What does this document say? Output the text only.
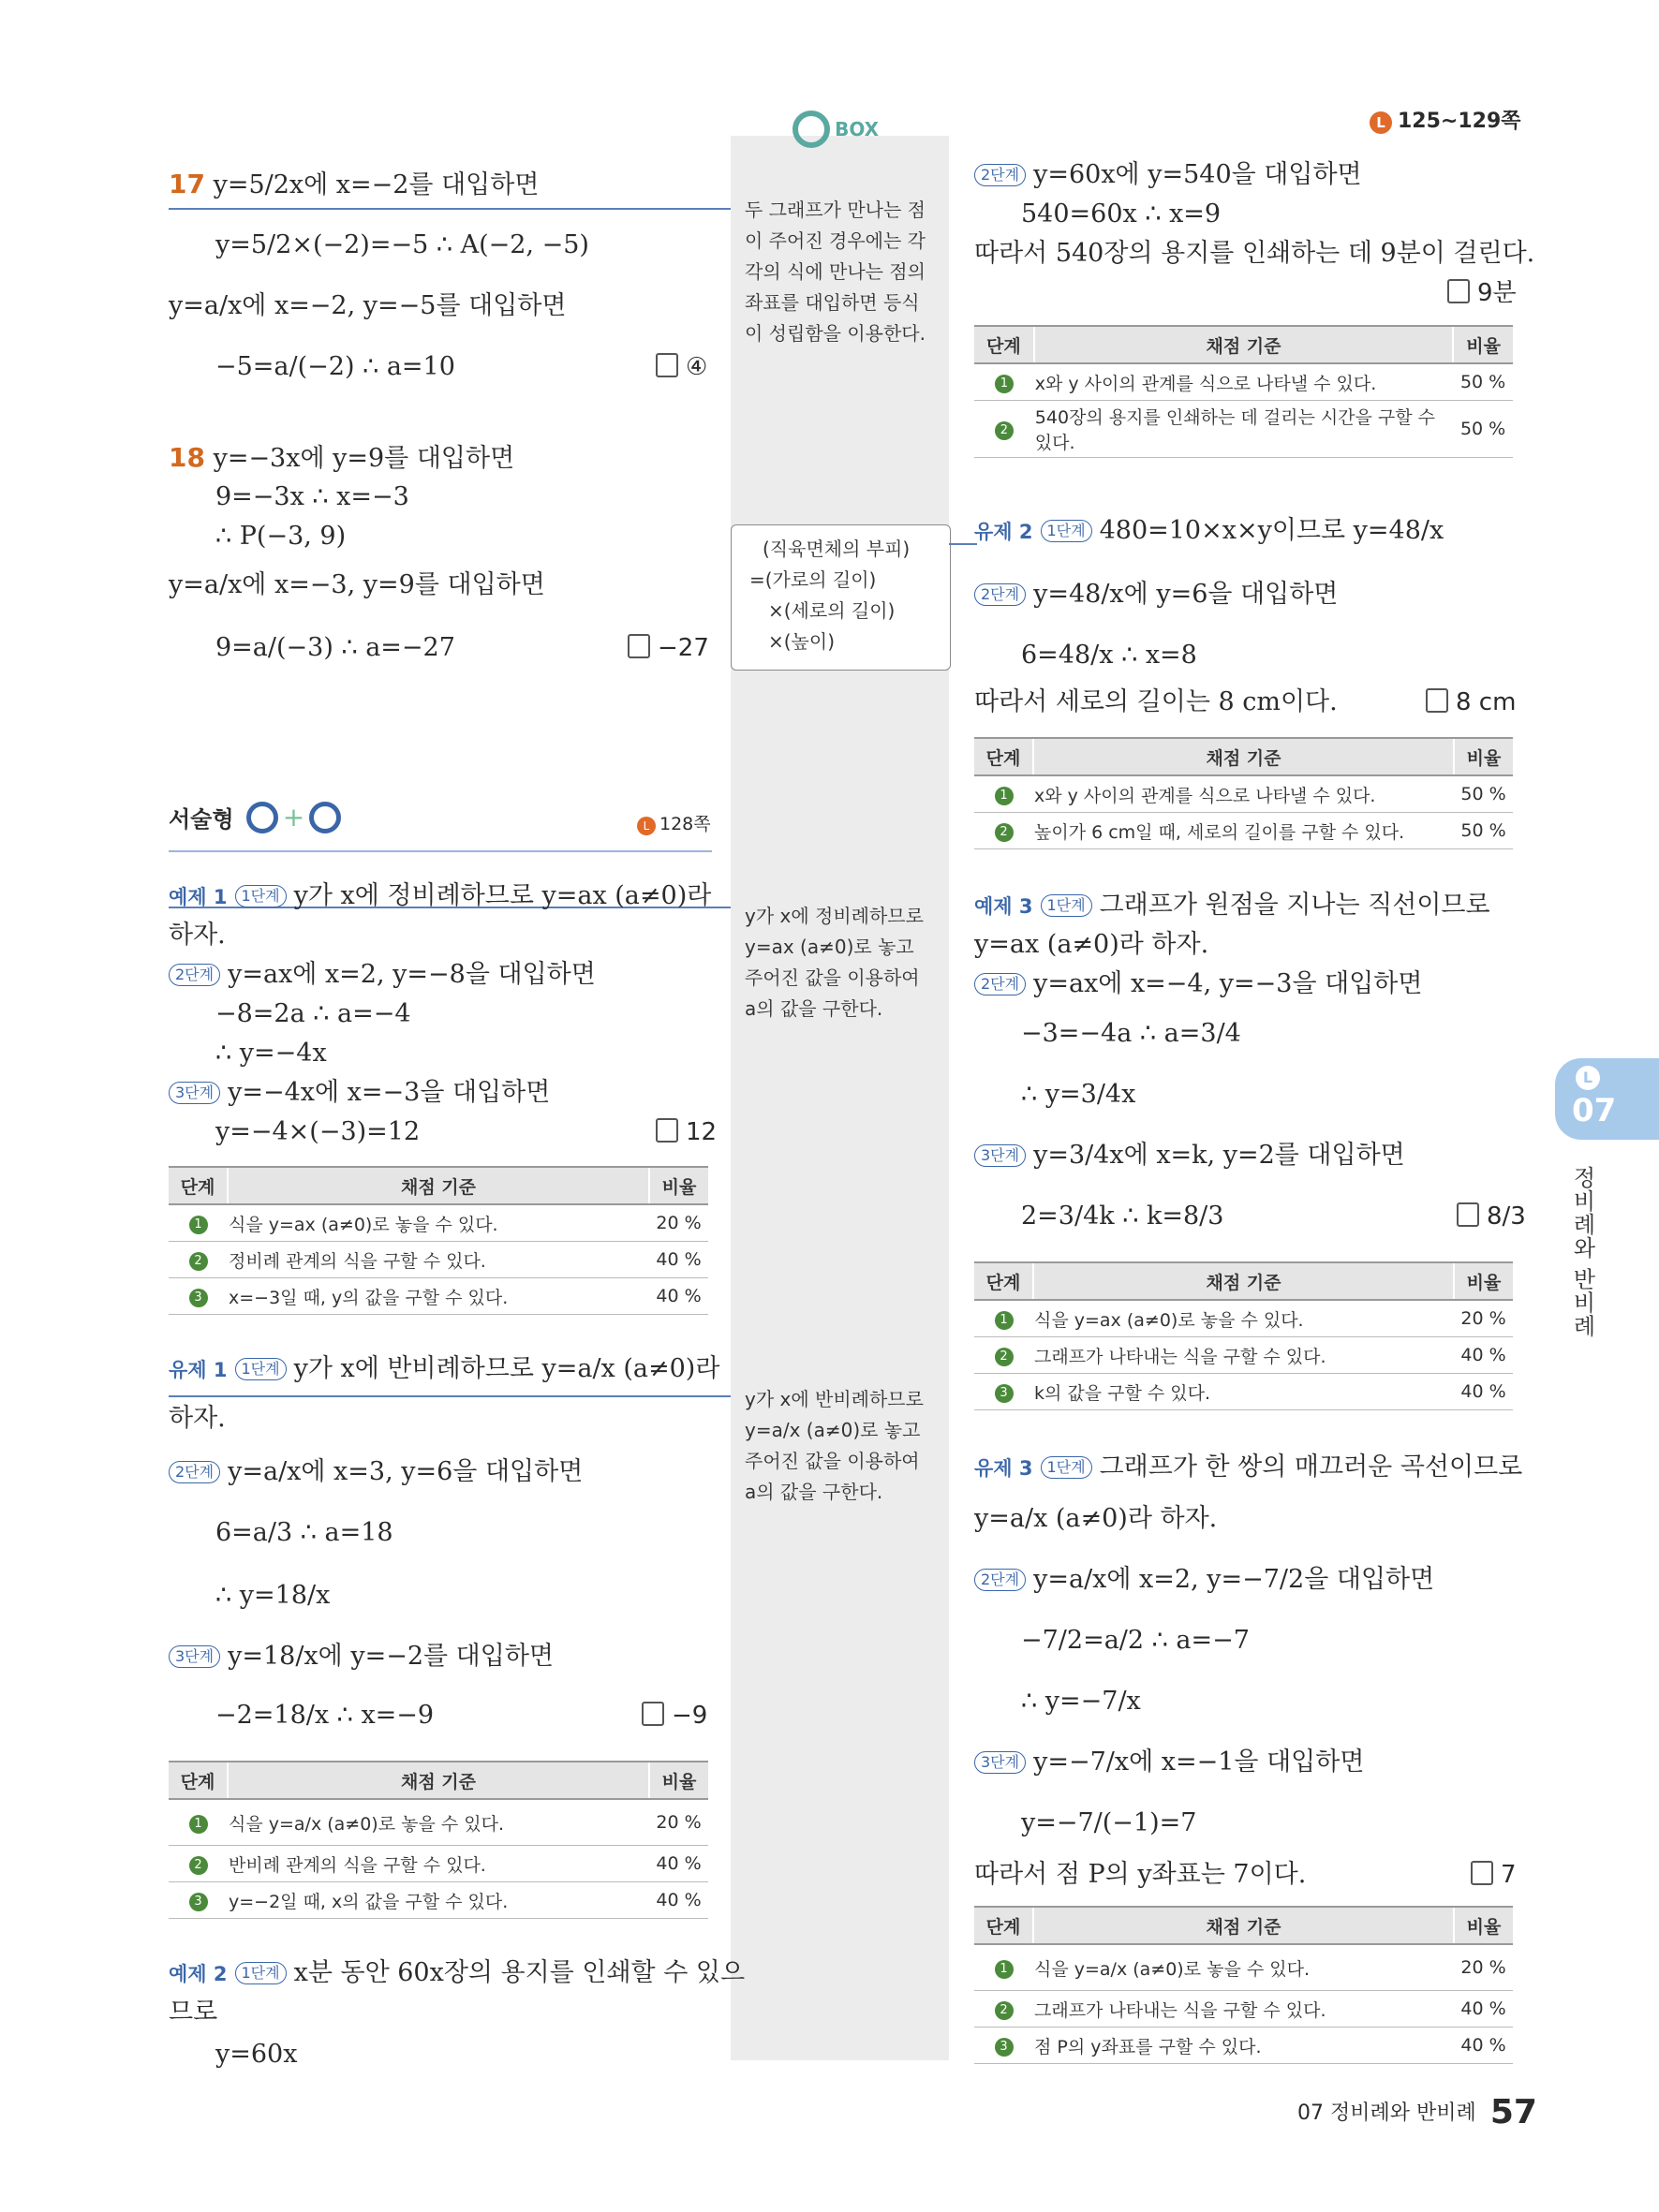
L 125~129쪽
BOX
두 그래프가 만나는 점
이 주어진 경우에는 각
각의 식에 만나는 점의
좌표를 대입하면 등식
이 성립함을 이용한다.
(직육면체의 부피)
=(가로의 길이)
×(세로의 길이)
×(높이)
y가 x에 정비례하므로
y=ax (a≠0)로 놓고
주어진 값을 이용하여
a의 값을 구한다.
y가 x에 반비례하므로
y=a/x (a≠0)로 놓고
주어진 값을 이용하여
a의 값을 구한다.
17 y=5/2x에 x=−2를 대입하면
y=5/2×(−2)=−5 ∴ A(−2, −5)
y=a/x에 x=−2, y=−5를 대입하면
−5=a/(−2) ∴ a=10	④
18 y=−3x에 y=9를 대입하면
9=−3x ∴ x=−3
∴ P(−3, 9)
y=a/x에 x=−3, y=9를 대입하면
9=a/(−3) ∴ a=−27	−27
서술형 +	L 128쪽
예제 1 1단계 y가 x에 정비례하므로 y=ax (a≠0)라
하자.
2단계 y=ax에 x=2, y=−8을 대입하면
−8=2a ∴ a=−4
∴ y=−4x
3단계 y=−4x에 x=−3을 대입하면
y=−4×(−3)=12	12
단계	채점 기준	비율
1	식을 y=ax (a≠0)로 놓을 수 있다.	20 %
2	정비례 관계의 식을 구할 수 있다.	40 %
3	x=−3일 때, y의 값을 구할 수 있다.	40 %
유제 1 1단계 y가 x에 반비례하므로 y=a/x (a≠0)라
하자.
2단계 y=a/x에 x=3, y=6을 대입하면
6=a/3 ∴ a=18
∴ y=18/x
3단계 y=18/x에 y=−2를 대입하면
−2=18/x ∴ x=−9	−9
단계	채점 기준	비율
1	식을 y=a/x (a≠0)로 놓을 수 있다.	20 %
2	반비례 관계의 식을 구할 수 있다.	40 %
3	y=−2일 때, x의 값을 구할 수 있다.	40 %
예제 2 1단계 x분 동안 60x장의 용지를 인쇄할 수 있으
므로
y=60x
2단계 y=60x에 y=540을 대입하면
540=60x ∴ x=9
따라서 540장의 용지를 인쇄하는 데 9분이 걸린다.
9분
단계	채점 기준	비율
1	x와 y 사이의 관계를 식으로 나타낼 수 있다.	50 %
2	540장의 용지를 인쇄하는 데 걸리는 시간을 구할 수 있다.	50 %
유제 2 1단계 480=10×x×y이므로 y=48/x
2단계 y=48/x에 y=6을 대입하면
6=48/x ∴ x=8
따라서 세로의 길이는 8 cm이다.	8 cm
단계	채점 기준	비율
1	x와 y 사이의 관계를 식으로 나타낼 수 있다.	50 %
2	높이가 6 cm일 때, 세로의 길이를 구할 수 있다.	50 %
예제 3 1단계 그래프가 원점을 지나는 직선이므로
y=ax (a≠0)라 하자.
2단계 y=ax에 x=−4, y=−3을 대입하면
−3=−4a ∴ a=3/4
∴ y=3/4x
3단계 y=3/4x에 x=k, y=2를 대입하면
2=3/4k ∴ k=8/3	8/3
단계	채점 기준	비율
1	식을 y=ax (a≠0)로 놓을 수 있다.	20 %
2	그래프가 나타내는 식을 구할 수 있다.	40 %
3	k의 값을 구할 수 있다.	40 %
유제 3 1단계 그래프가 한 쌍의 매끄러운 곡선이므로
y=a/x (a≠0)라 하자.
2단계 y=a/x에 x=2, y=−7/2을 대입하면
−7/2=a/2 ∴ a=−7
∴ y=−7/x
3단계 y=−7/x에 x=−1을 대입하면
y=−7/(−1)=7
따라서 점 P의 y좌표는 7이다.	7
단계	채점 기준	비율
1	식을 y=a/x (a≠0)로 놓을 수 있다.	20 %
2	그래프가 나타내는 식을 구할 수 있다.	40 %
3	점 P의 y좌표를 구할 수 있다.	40 %
L
07
정비례와 반비례
07 정비례와 반비례 57
